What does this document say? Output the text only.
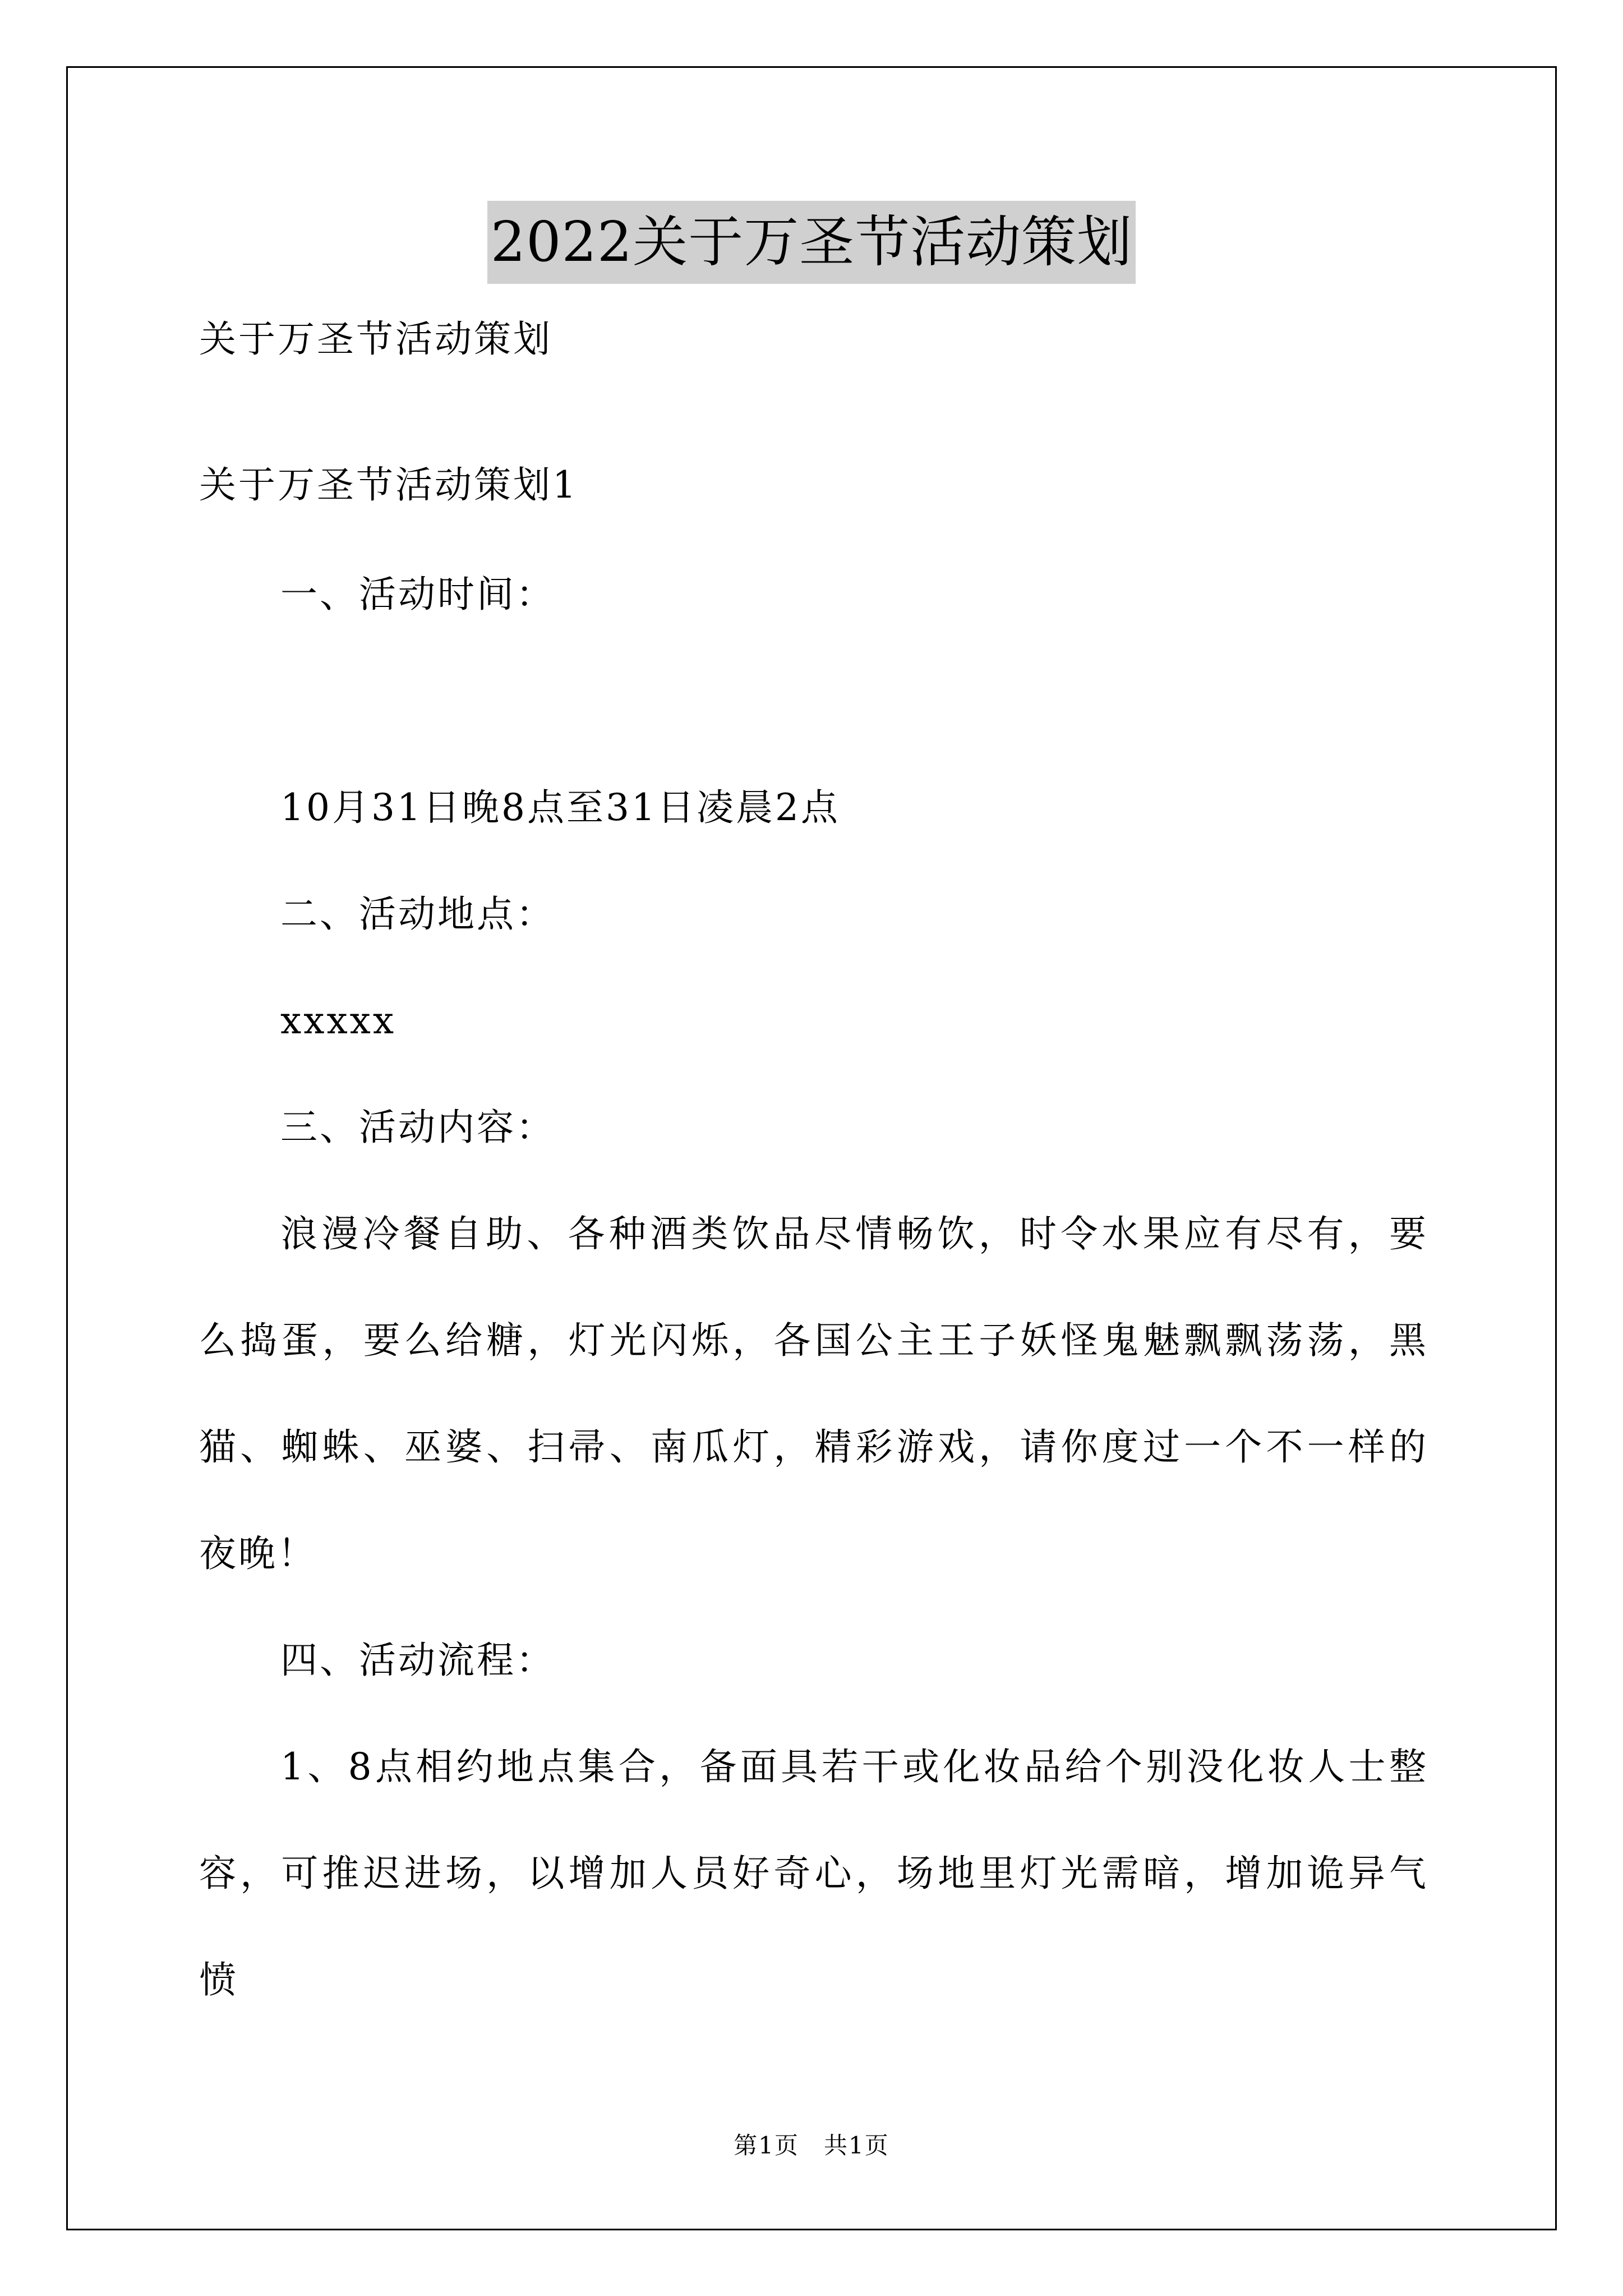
2022关于万圣节活动策划
关于万圣节活动策划
关于万圣节活动策划1
一、活动时间：
10月31日晚8点至31日凌晨2点
二、活动地点：
xxxxx
三、活动内容：
浪漫冷餐自助、各种酒类饮品尽情畅饮，时令水果应有尽有，要
么捣蛋，要么给糖，灯光闪烁，各国公主王子妖怪鬼魅飘飘荡荡，黑
猫、蜘蛛、巫婆、扫帚、南瓜灯，精彩游戏，请你度过一个不一样的
夜晚！
四、活动流程：
1、8点相约地点集合，备面具若干或化妆品给个别没化妆人士整
容，可推迟进场，以增加人员好奇心，场地里灯光需暗，增加诡异气
愤
第1页　共1页
